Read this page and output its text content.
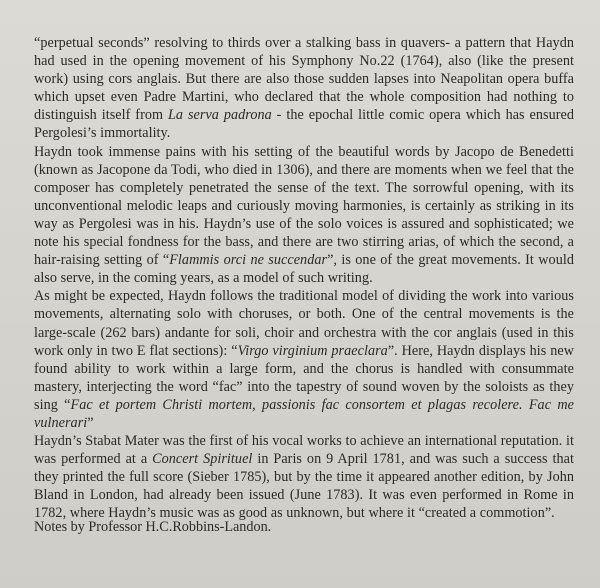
“perpetual seconds” resolving to thirds over a stalking bass in quavers- a pattern that Haydn had used in the opening movement of his Symphony No.22 (1764), also (like the present work) using cors anglais. But there are also those sudden lapses into Neapolitan opera buffa which upset even Padre Martini, who declared that the whole composition had nothing to distinguish itself from La serva padrona - the epochal little comic opera which has ensured Pergolesi’s immortality.

Haydn took immense pains with his setting of the beautiful words by Jacopo de Benedetti (known as Jacopone da Todi, who died in 1306), and there are moments when we feel that the composer has completely penetrated the sense of the text. The sorrowful opening, with its unconventional melodic leaps and curiously moving harmonies, is certainly as striking in its way as Pergolesi was in his. Haydn’s use of the solo voices is assured and sophisticated; we note his special fondness for the bass, and there are two stirring arias, of which the second, a hair-raising setting of “Flammis orci ne succendar”, is one of the great movements. It would also serve, in the coming years, as a model of such writing.

As might be expected, Haydn follows the traditional model of dividing the work into various movements, alternating solo with choruses, or both. One of the central movements is the large-scale (262 bars) andante for soli, choir and orchestra with the cor anglais (used in this work only in two E flat sections): “Virgo virginium praeclara”. Here, Haydn displays his new found ability to work within a large form, and the chorus is handled with consummate mastery, interjecting the word “fac” into the tapestry of sound woven by the soloists as they sing “Fac et portem Christi mortem, passionis fac consortem et plagas recolere. Fac me vulnerari”

Haydn’s Stabat Mater was the first of his vocal works to achieve an international reputation. it was performed at a Concert Spirituel in Paris on 9 April 1781, and was such a success that they printed the full score (Sieber 1785), but by the time it appeared another edition, by John Bland in London, had already been issued (June 1783). It was even performed in Rome in 1782, where Haydn’s music was as good as unknown, but where it “created a commotion”.

Notes by Professor H.C.Robbins-Landon.
